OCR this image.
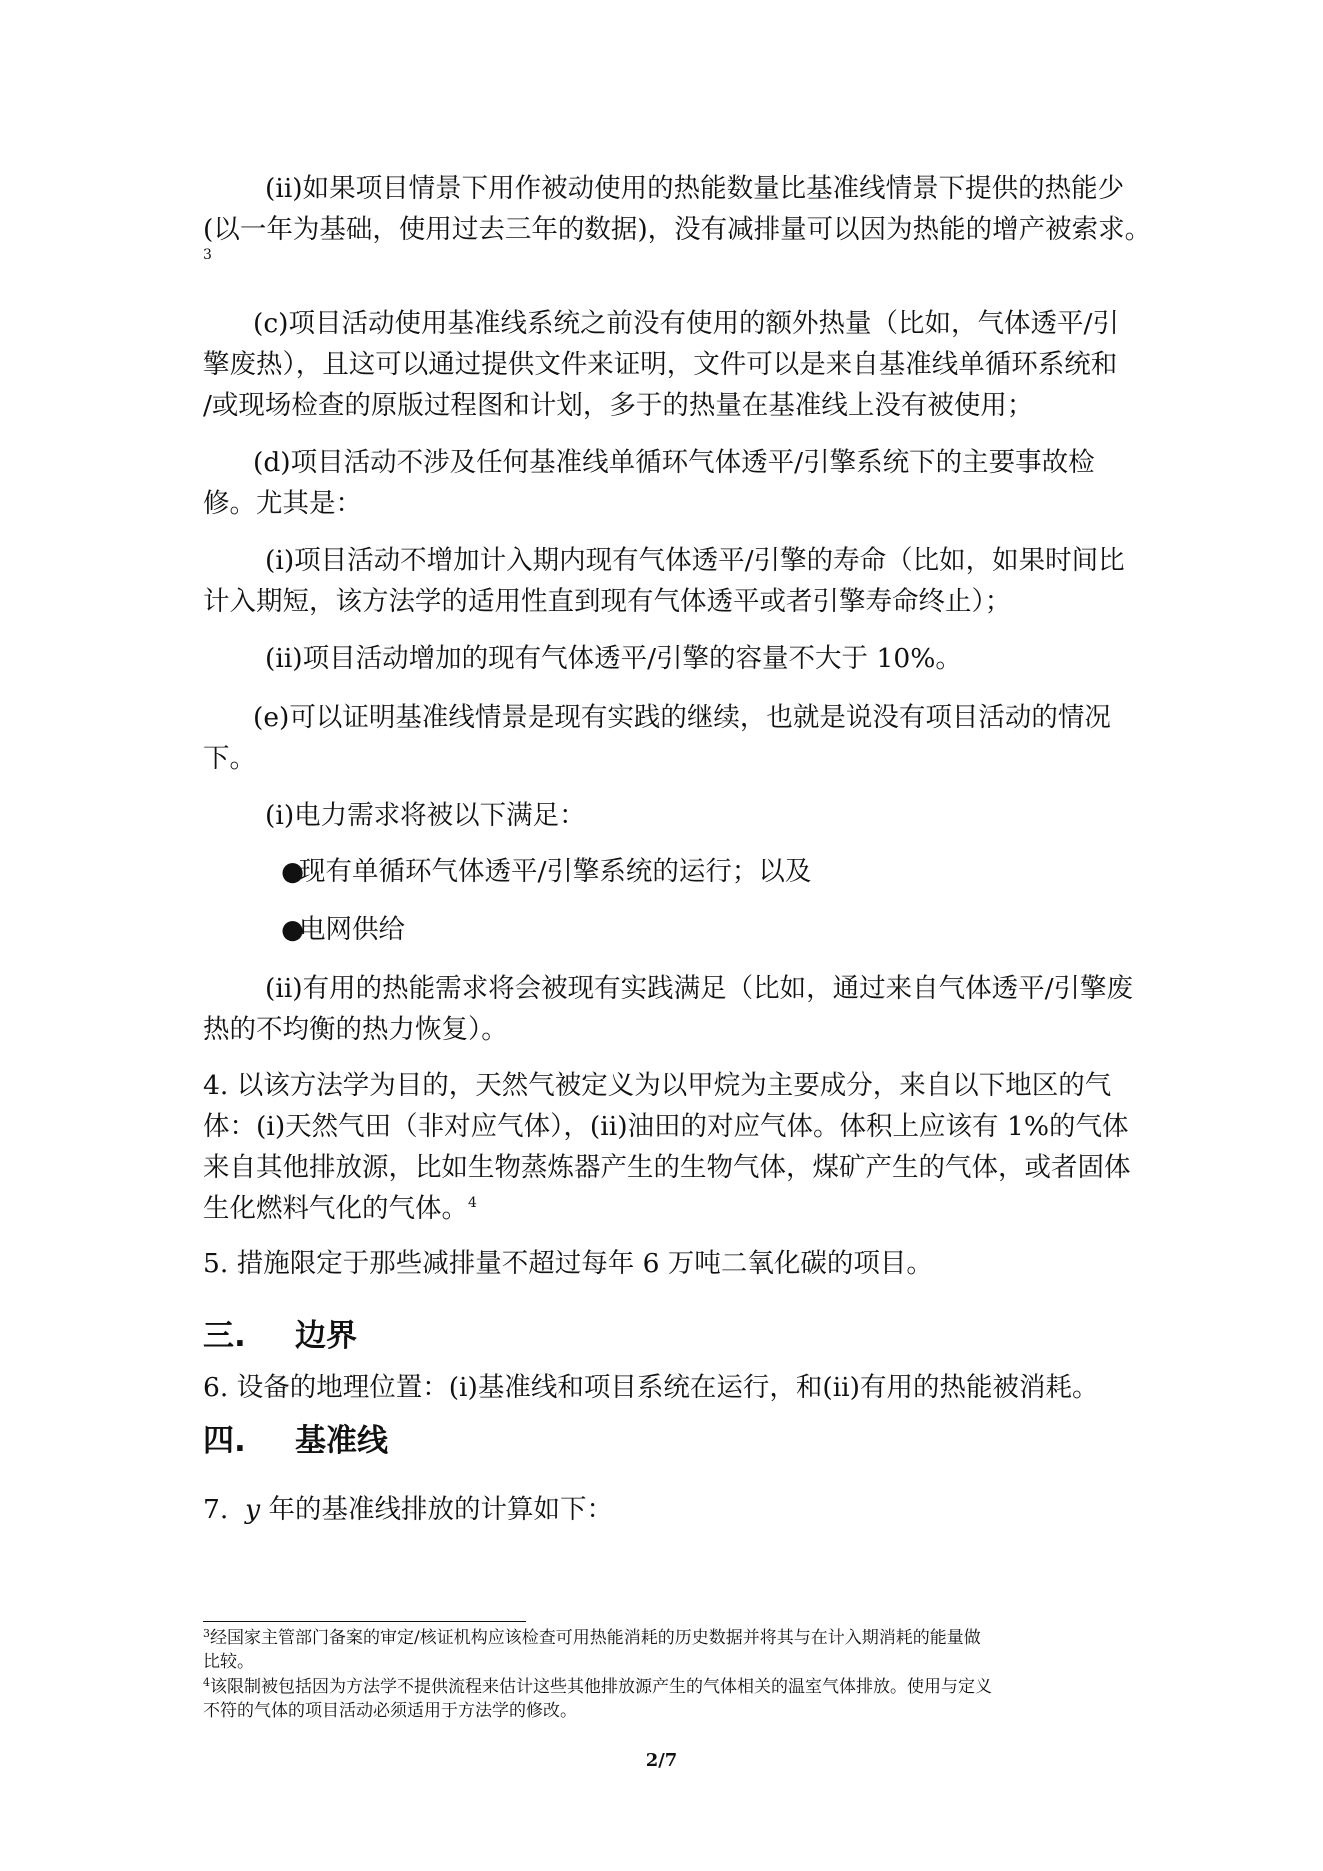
(ii)如果项目情景下用作被动使用的热能数量比基准线情景下提供的热能少
(以一年为基础，使用过去三年的数据)，没有减排量可以因为热能的增产被索求。

3

(c)项目活动使用基准线系统之前没有使用的额外热量（比如，气体透平/引
擎废热），且这可以通过提供文件来证明，文件可以是来自基准线单循环系统和
/或现场检查的原版过程图和计划，多于的热量在基准线上没有被使用；

(d)项目活动不涉及任何基准线单循环气体透平/引擎系统下的主要事故检
修。尤其是：

(i)项目活动不增加计入期内现有气体透平/引擎的寿命（比如，如果时间比
计入期短，该方法学的适用性直到现有气体透平或者引擎寿命终止）；

(ii)项目活动增加的现有气体透平/引擎的容量不大于 10%。

(e)可以证明基准线情景是现有实践的继续，也就是说没有项目活动的情况
下。

(i)电力需求将被以下满足：

●现有单循环气体透平/引擎系统的运行；以及

●电网供给

(ii)有用的热能需求将会被现有实践满足（比如，通过来自气体透平/引擎废
热的不均衡的热力恢复）。

4. 以该方法学为目的，天然气被定义为以甲烷为主要成分，来自以下地区的气
体：(i)天然气田（非对应气体），(ii)油田的对应气体。体积上应该有 1%的气体
来自其他排放源，比如生物蒸炼器产生的生物气体，煤矿产生的气体，或者固体
生化燃料气化的气体。$^4$

5. 措施限定于那些减排量不超过每年 6 万吨二氧化碳的项目。

三. 边界

6. 设备的地理位置：(i)基准线和项目系统在运行，和(ii)有用的热能被消耗。

四. 基准线

7.  y 年的基准线排放的计算如下：

$^3$经国家主管部门备案的审定/核证机构应该检查可用热能消耗的历史数据并将其与在计入期消耗的能量做
比较。

$^4$该限制被包括因为方法学不提供流程来估计这些其他排放源产生的气体相关的温室气体排放。使用与定义
不符的气体的项目活动必须适用于方法学的修改。

2/7
